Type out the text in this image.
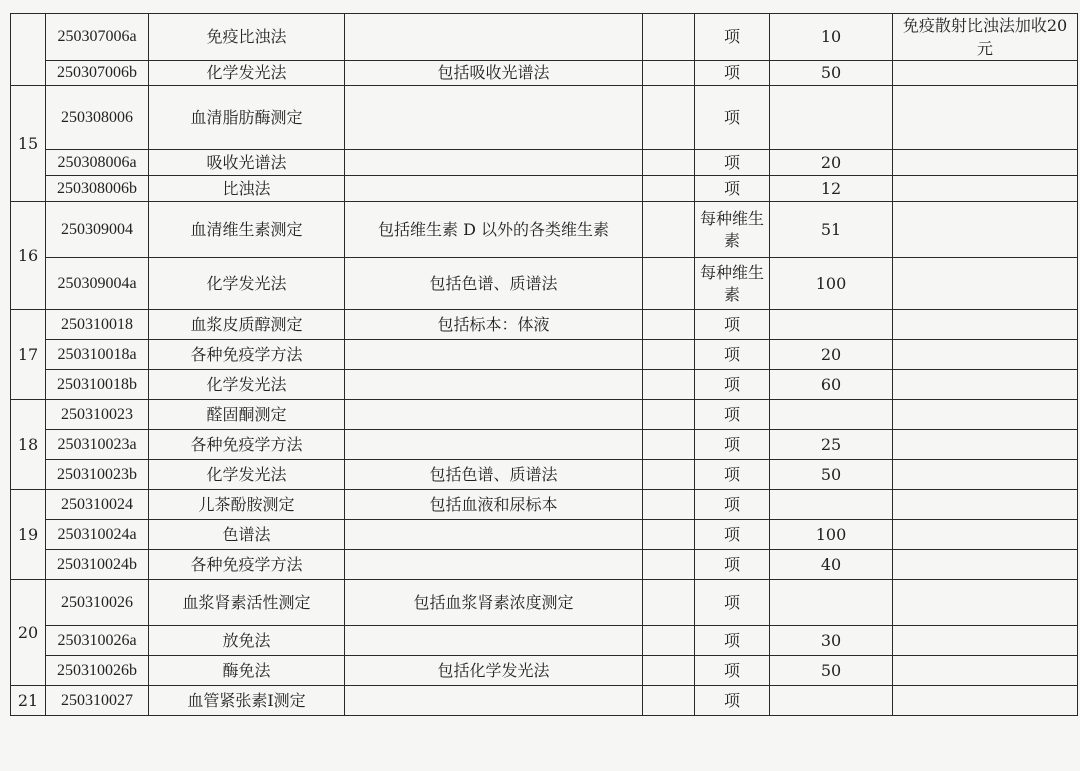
	250307006a	免疫比浊法			项	10	免疫散射比浊法加收20元
	250307006b	化学发光法	包括吸收光谱法		项	50	
15	250308006	血清脂肪酶测定			项		
	250308006a	吸收光谱法			项	20	
	250308006b	比浊法			项	12	
16	250309004	血清维生素测定	包括维生素 D 以外的各类维生素		每种维生素	51	
	250309004a	化学发光法	包括色谱、质谱法		每种维生素	100	
17	250310018	血浆皮质醇测定	包括标本：体液		项		
	250310018a	各种免疫学方法			项	20	
	250310018b	化学发光法			项	60	
18	250310023	醛固酮测定			项		
	250310023a	各种免疫学方法			项	25	
	250310023b	化学发光法	包括色谱、质谱法		项	50	
19	250310024	儿茶酚胺测定	包括血液和尿标本		项		
	250310024a	色谱法			项	100	
	250310024b	各种免疫学方法			项	40	
20	250310026	血浆肾素活性测定	包括血浆肾素浓度测定		项		
	250310026a	放免法			项	30	
	250310026b	酶免法	包括化学发光法		项	50	
21	250310027	血管紧张素Ⅰ测定			项		
